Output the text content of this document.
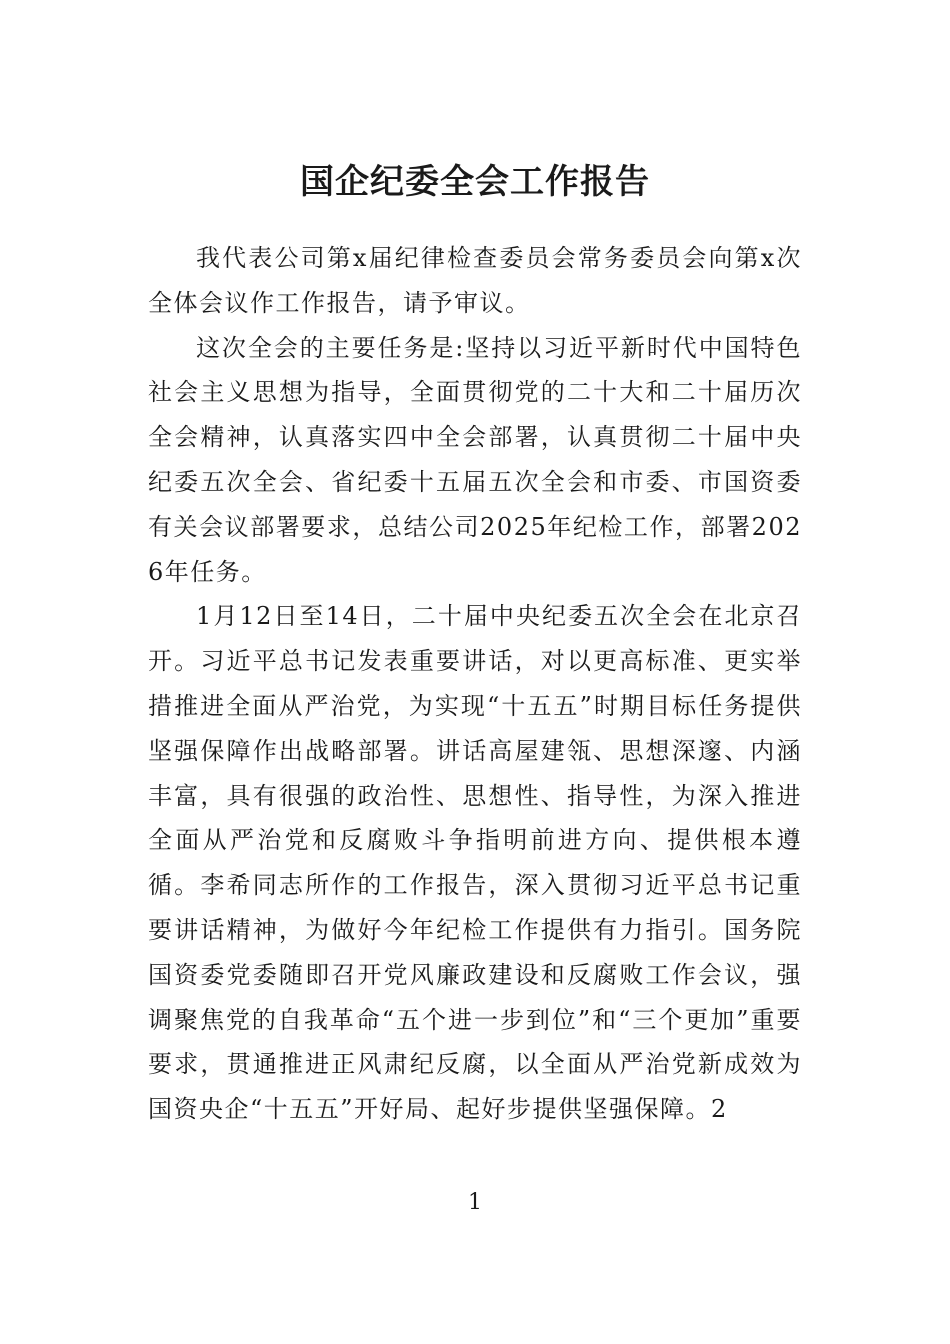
国企纪委全会工作报告

我代表公司第x届纪律检查委员会常务委员会向第x次全体会议作工作报告，请予审议。

这次全会的主要任务是:坚持以习近平新时代中国特色社会主义思想为指导，全面贯彻党的二十大和二十届历次全会精神，认真落实四中全会部署，认真贯彻二十届中央纪委五次全会、省纪委十五届五次全会和市委、市国资委有关会议部署要求，总结公司2025年纪检工作，部署2026年任务。

1月12日至14日，二十届中央纪委五次全会在北京召开。习近平总书记发表重要讲话，对以更高标准、更实举措推进全面从严治党，为实现“十五五”时期目标任务提供坚强保障作出战略部署。讲话高屋建瓴、思想深邃、内涵丰富，具有很强的政治性、思想性、指导性，为深入推进全面从严治党和反腐败斗争指明前进方向、提供根本遵循。李希同志所作的工作报告，深入贯彻习近平总书记重要讲话精神，为做好今年纪检工作提供有力指引。国务院国资委党委随即召开党风廉政建设和反腐败工作会议，强调聚焦党的自我革命“五个进一步到位”和“三个更加”重要要求，贯通推进正风肃纪反腐，以全面从严治党新成效为国资央企“十五五”开好局、起好步提供坚强保障。2

1
